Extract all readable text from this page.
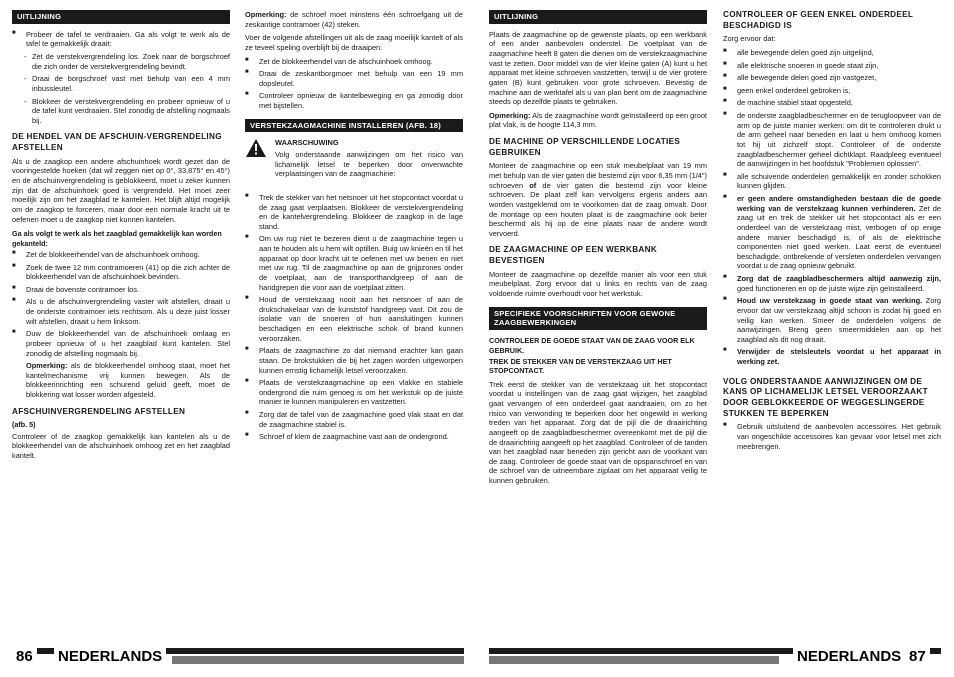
UITLIJNING
■ Probeer de tafel te verdraaien. Ga als volgt te werk als de tafel te gemakkelijk draait:
- Zet de verstekvergrendeling los. Zoek naar de borgschroef die zich onder de verstekvergrendeling bevindt.
- Draai de borgschroef vast met behulp van een 4 mm inbussleutel.
- Blokkeer de verstekvergrendeling en probeer opnieuw of u de tafel kunt verdraaien. Stel zonodig de afstelling nogmaals bij.
DE HENDEL VAN DE AFSCHUIN-VERGRENDELING AFSTELLEN

Als u de zaagkop een andere afschuinhoek wordt gezet dan de vooringestelde hoeken (dat wil zeggen niet op 0°, 33,875° en 45°) en de afschuinvergrendeling is geblokkeerd, moet u zeker kunnen zijn dat de afschuinhoek goed is vergrendeld. Het moet zeer moeilijk zijn om het zaagblad te kantelen. Het blijft altijd mogelijk om de zaagkop te forceren, maar door een normale kracht uit te oefenen moet u de zaagkop niet kunnen kantelen.

Ga als volgt te werk als het zaagblad gemakkelijk kan worden gekanteld:
■ Zet de blokkeerhendel van de afschuinhoek omhoog.
■ Zoek de twee 12 mm contramoeren (41) op die zich achter de blokkeerhendel van de afschuinhoek bevinden.
■ Draai de bovenste contramoer los.
■ Als u de afschuinvergrendeling vaster wilt afstellen, draait u de onderste contramoer iets rechtsom. Als u deze juist losser wilt afstellen, draait u hem linksom.
■ Duw de blokkeerhendel van de afschuinhoek omlaag en probeer opnieuw of u het zaagblad kunt kantelen. Stel zonodig de afstelling nogmaals bij.
Opmerking: als de blokkeerhendel omhoog staat, moet het kantelmechanisme vrij kunnen bewegen. Als de blokkeerinrichting een schurend geluid geeft, moet de blokkering wat losser worden afgesteld.
AFSCHUINVERGRENDELING AFSTELLEN
(afb. 5)

Controleer of de zaagkop gemakkelijk kan kantelen als u de blokkeerhendel van de afschuinhoek omhoog zet en het zaagblad kantelt.

Opmerking: de schroef moet minstens één schroefgang uit de zeskantige contramoer (42) steken.

Voer de volgende afstellingen uit als de zaag moeilijk kantelt of als ze teveel speling overblijft bij de draaipen:

■ Zet de blokkeerhendel van de afschuinhoek omhoog.
■ Draai de zeskantborgmoer met behulp van een 19 mm dopsleutel.
■ Controleer opnieuw de kantelbeweging en ga zonodig door met bijstellen.
VERSTEKZAAGMACHINE INSTALLEREN (AFB. 18)
WAARSCHUWING

Volg onderstaande aanwijzingen om het risico van lichamelijk letsel te beperken door onverwachte verplaatsingen van de zaagmachine:

■ Trek de stekker van het netsnoer uit het stopcontact voordat u de zaag gaat verplaatsen. Blokkeer de verstekvergrendeling en de kantelvergrendeling. Blokkeer de zaagkop in de lage stand.
■ Om uw rug niet te bezeren dient u de zaagmachine tegen u aan te houden als u hem wilt optillen. Buig uw knieën en til het apparaat op door kracht uit te oefenen met uw benen en niet met uw rug. Til de zaagmachine op aan de grijpzones onder de voetplaat, aan de transporthandgreep of aan de handgrepen die voor aan de voetplaat zitten.
■ Houd de verstekzaag nooit aan het netsnoer of aan de drukschakelaar van de kunststof handgreep vast. Dit zou de isolatie van de snoeren of hun aansluitingen kunnen beschadigen en een elektrische schok of brand kunnen veroorzaken.
■ Plaats de zaagmachine zo dat niemand erachter kan gaan staan. De brokstukken die bij het zagen worden uitgeworpen kunnen ernstig lichamelijk letsel veroorzaken.
■ Plaats de verstekzaagmachine op een vlakke en stabiele ondergrond die ruim genoeg is om het werkstuk op de juiste manier te kunnen manipuleren en vastzetten.
■ Zorg dat de tafel van de zaagmachine goed vlak staat en dat de zaagmachine stabiel is.
■ Schroef of klem de zaagmachine vast aan de ondergrond.
86 NEDERLANDS
UITLIJNING

Plaats de zaagmachine op de gewenste plaats, op een werkbank of een ander aanbevolen onderstel. De voetplaat van de zaagmachine heeft 8 gaten die dienen om de verstekzaagmachine vast te zetten. Door middel van de vier kleine gaten (A) kunt u het apparaat met kleine schroeven vastzetten, terwijl u de vier grotere gaten (B) kunt gebruiken voor grote schroeven. Bevestig de machine aan de werktafel als u van plan bent om de zaagmachine steeds op dezelfde plaats te gebruiken.

Opmerking: Als de zaagmachine wordt geïnstalleerd op een groot plat vlak, is de hoogte 114,3 mm.

DE MACHINE OP VERSCHILLENDE LOCATIES GEBRUIKEN

Monteer de zaagmachine op een stuk meubelplaat van 19 mm met behulp van de vier gaten die bestemd zijn voor 6,35 mm (1/4") schroeven of de vier gaten die bestemd zijn voor kleine schroeven. De plaat zelf kan vervolgens ergens anders aan worden vastgeklemd om te voorkomen dat de zaag omvalt. Door de montage op een houten plaat is de zaagmachine ook beter beschermd als hij op de eine plaats naar de andere wordt vervoerd.

DE ZAAGMACHINE OP EEN WERKBANK BEVESTIGEN

Monteer de zaagmachine op dezelfde manier als voor een stuk meubelplaat. Zorg ervoor dat u links en rechts van de zaag voldoende ruimte overhoudt voor het werkstuk.

SPECIFIEKE VOORSCHRIFTEN VOOR GEWONE ZAAGBEWERKINGEN
CONTROLEER DE GOEDE STAAT VAN DE ZAAG VOOR ELK GEBRUIK.
TREK DE STEKKER VAN DE VERSTEKZAAG UIT HET STOPCONTACT.

Trek eerst de stekker van de verstekzaag uit het stopcontact voordat u instellingen van de zaag gaat wijzigen, het zaagblad gaat vervangen of een onderdeel gaat aandraaien, om zo het risico van verwonding te beperken door het ongewild in werking treden van het apparaat. Zorg dat de pijl die de draairichting aangeeft op de zaagbladbeschermer overeenkomt met de pijl die de draairichting aangeeft op het zaagblad. Controleer of de tanden van het zaagblad naar beneden zijn gericht aan de voorkant van de zaag. Controleer de goede staat van de opspanschroef en van de schroef van de uitneembare zijplaat om het apparaat veilig te kunnen gebruiken.

CONTROLEER OF GEEN ENKEL ONDERDEEL BESCHADIGD IS

Zorg ervoor dat:

■ alle bewegende delen goed zijn uitgelijnd,
■ alle elektrische snoeren in goede staat zijn,
■ alle bewegende delen goed zijn vastgezet,
■ geen enkel onderdeel gebroken is,
■ de machine stabiel staat opgesteld,
■ de onderste zaagbladbeschermer en de terugloopveer van de arm op de juiste manier werken: om dit te controleren drukt u de arm geheel naar beneden en laat u hem omhoog komen tot hij uit zichzelf stopt. Controleer of de onderste zaagbladbeschermer geheel dichtklapt. Raadpleeg eventueel de aanwijzingen in het hoofdstuk "Problemen oplossen".
■ alle schuivende onderdelen gemakkelijk en zonder schokken kunnen glijden.
■ er geen andere omstandigheden bestaan die de goede werking van de verstekzaag kunnen verhinderen. Zet de zaag uit en trek de stekker uit het stopcontact als er een onderdeel van de verstekzaag mist, verbogen of op enige andere manier beschadigd is, of als de elektrische componenten niet goed werken. Laat eerst de eventueel beschadigde, ontbrekende of versleten onderdelen vervangen voordat u de zaag opnieuw gebruikt.
■ Zorg dat de zaagbladbeschermers altijd aanwezig zijn, goed functioneren en op de juiste wijze zijn geïnstalleerd.
■ Houd uw verstekzaag in goede staat van werking. Zorg ervoor dat uw verstekzaag altijd schoon is zodat hij goed en veilig kan werken. Smeer de onderdelen volgens de aanwijzingen. Breng geen smeermiddelen aan op het zaagblad als dit nog draait.
■ Verwijder de stelsleutels voordat u het apparaat in werking zet.
VOLG ONDERSTAANDE AANWIJZINGEN OM DE KANS OP LICHAMELIJK LETSEL VEROORZAAKT DOOR GEBLOKKEERDE OF WEGGESLINGERDE STUKKEN TE BEPERKEN
■ Gebruik uitsluitend de aanbevolen accessoires. Het gebruik van ongeschikte accessoires kan gevaar voor letsel met zich meebrengen.
NEDERLANDS 87
